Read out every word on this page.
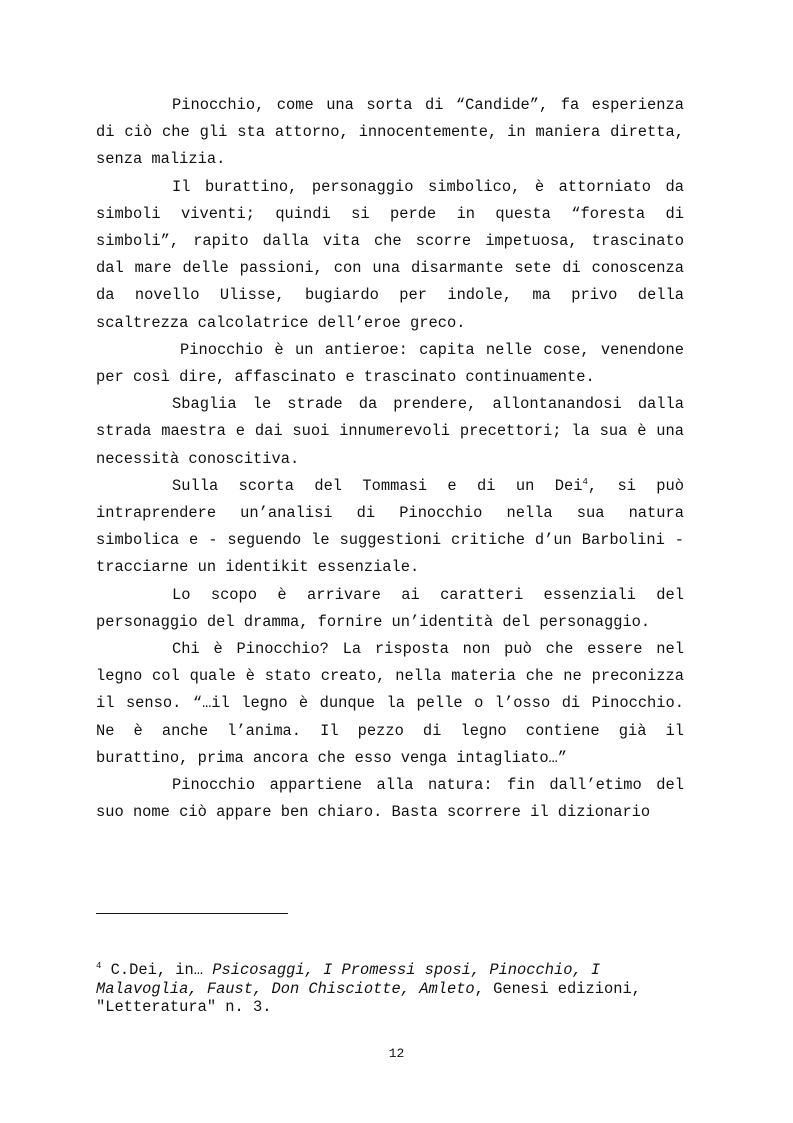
Pinocchio, come una sorta di “Candide”, fa esperienza di ciò che gli sta attorno, innocentemente, in maniera diretta, senza malizia.

Il burattino, personaggio simbolico, è attorniato da simboli viventi; quindi si perde in questa “foresta di simboli”, rapito dalla vita che scorre impetuosa, trascinato dal mare delle passioni, con una disarmante sete di conoscenza da novello Ulisse, bugiardo per indole, ma privo della scaltrezza calcolatrice dell’eroe greco.

Pinocchio è un antieroe: capita nelle cose, venendone per così dire, affascinato e trascinato continuamente.

Sbaglia le strade da prendere, allontanandosi dalla strada maestra e dai suoi innumerevoli precettori; la sua è una necessità conoscitiva.

Sulla scorta del Tommasi e di un Dei$^4$, si può intraprendere un’analisi di Pinocchio nella sua natura simbolica e - seguendo le suggestioni critiche d’un Barbolini - tracciarne un identikit essenziale.

Lo scopo è arrivare ai caratteri essenziali del personaggio del dramma, fornire un’identità del personaggio.

Chi è Pinocchio? La risposta non può che essere nel legno col quale è stato creato, nella materia che ne preconizza il senso. “…il legno è dunque la pelle o l’osso di Pinocchio. Ne è anche l’anima. Il pezzo di legno contiene già il burattino, prima ancora che esso venga intagliato…”

Pinocchio appartiene alla natura: fin dall’etimo del suo nome ciò appare ben chiaro. Basta scorrere il dizionario

$^4$ C.Dei, in… Psicosaggi, I Promessi sposi, Pinocchio, I Malavoglia, Faust, Don Chisciotte, Amleto, Genesi edizioni, "Letteratura" n. 3.

12
